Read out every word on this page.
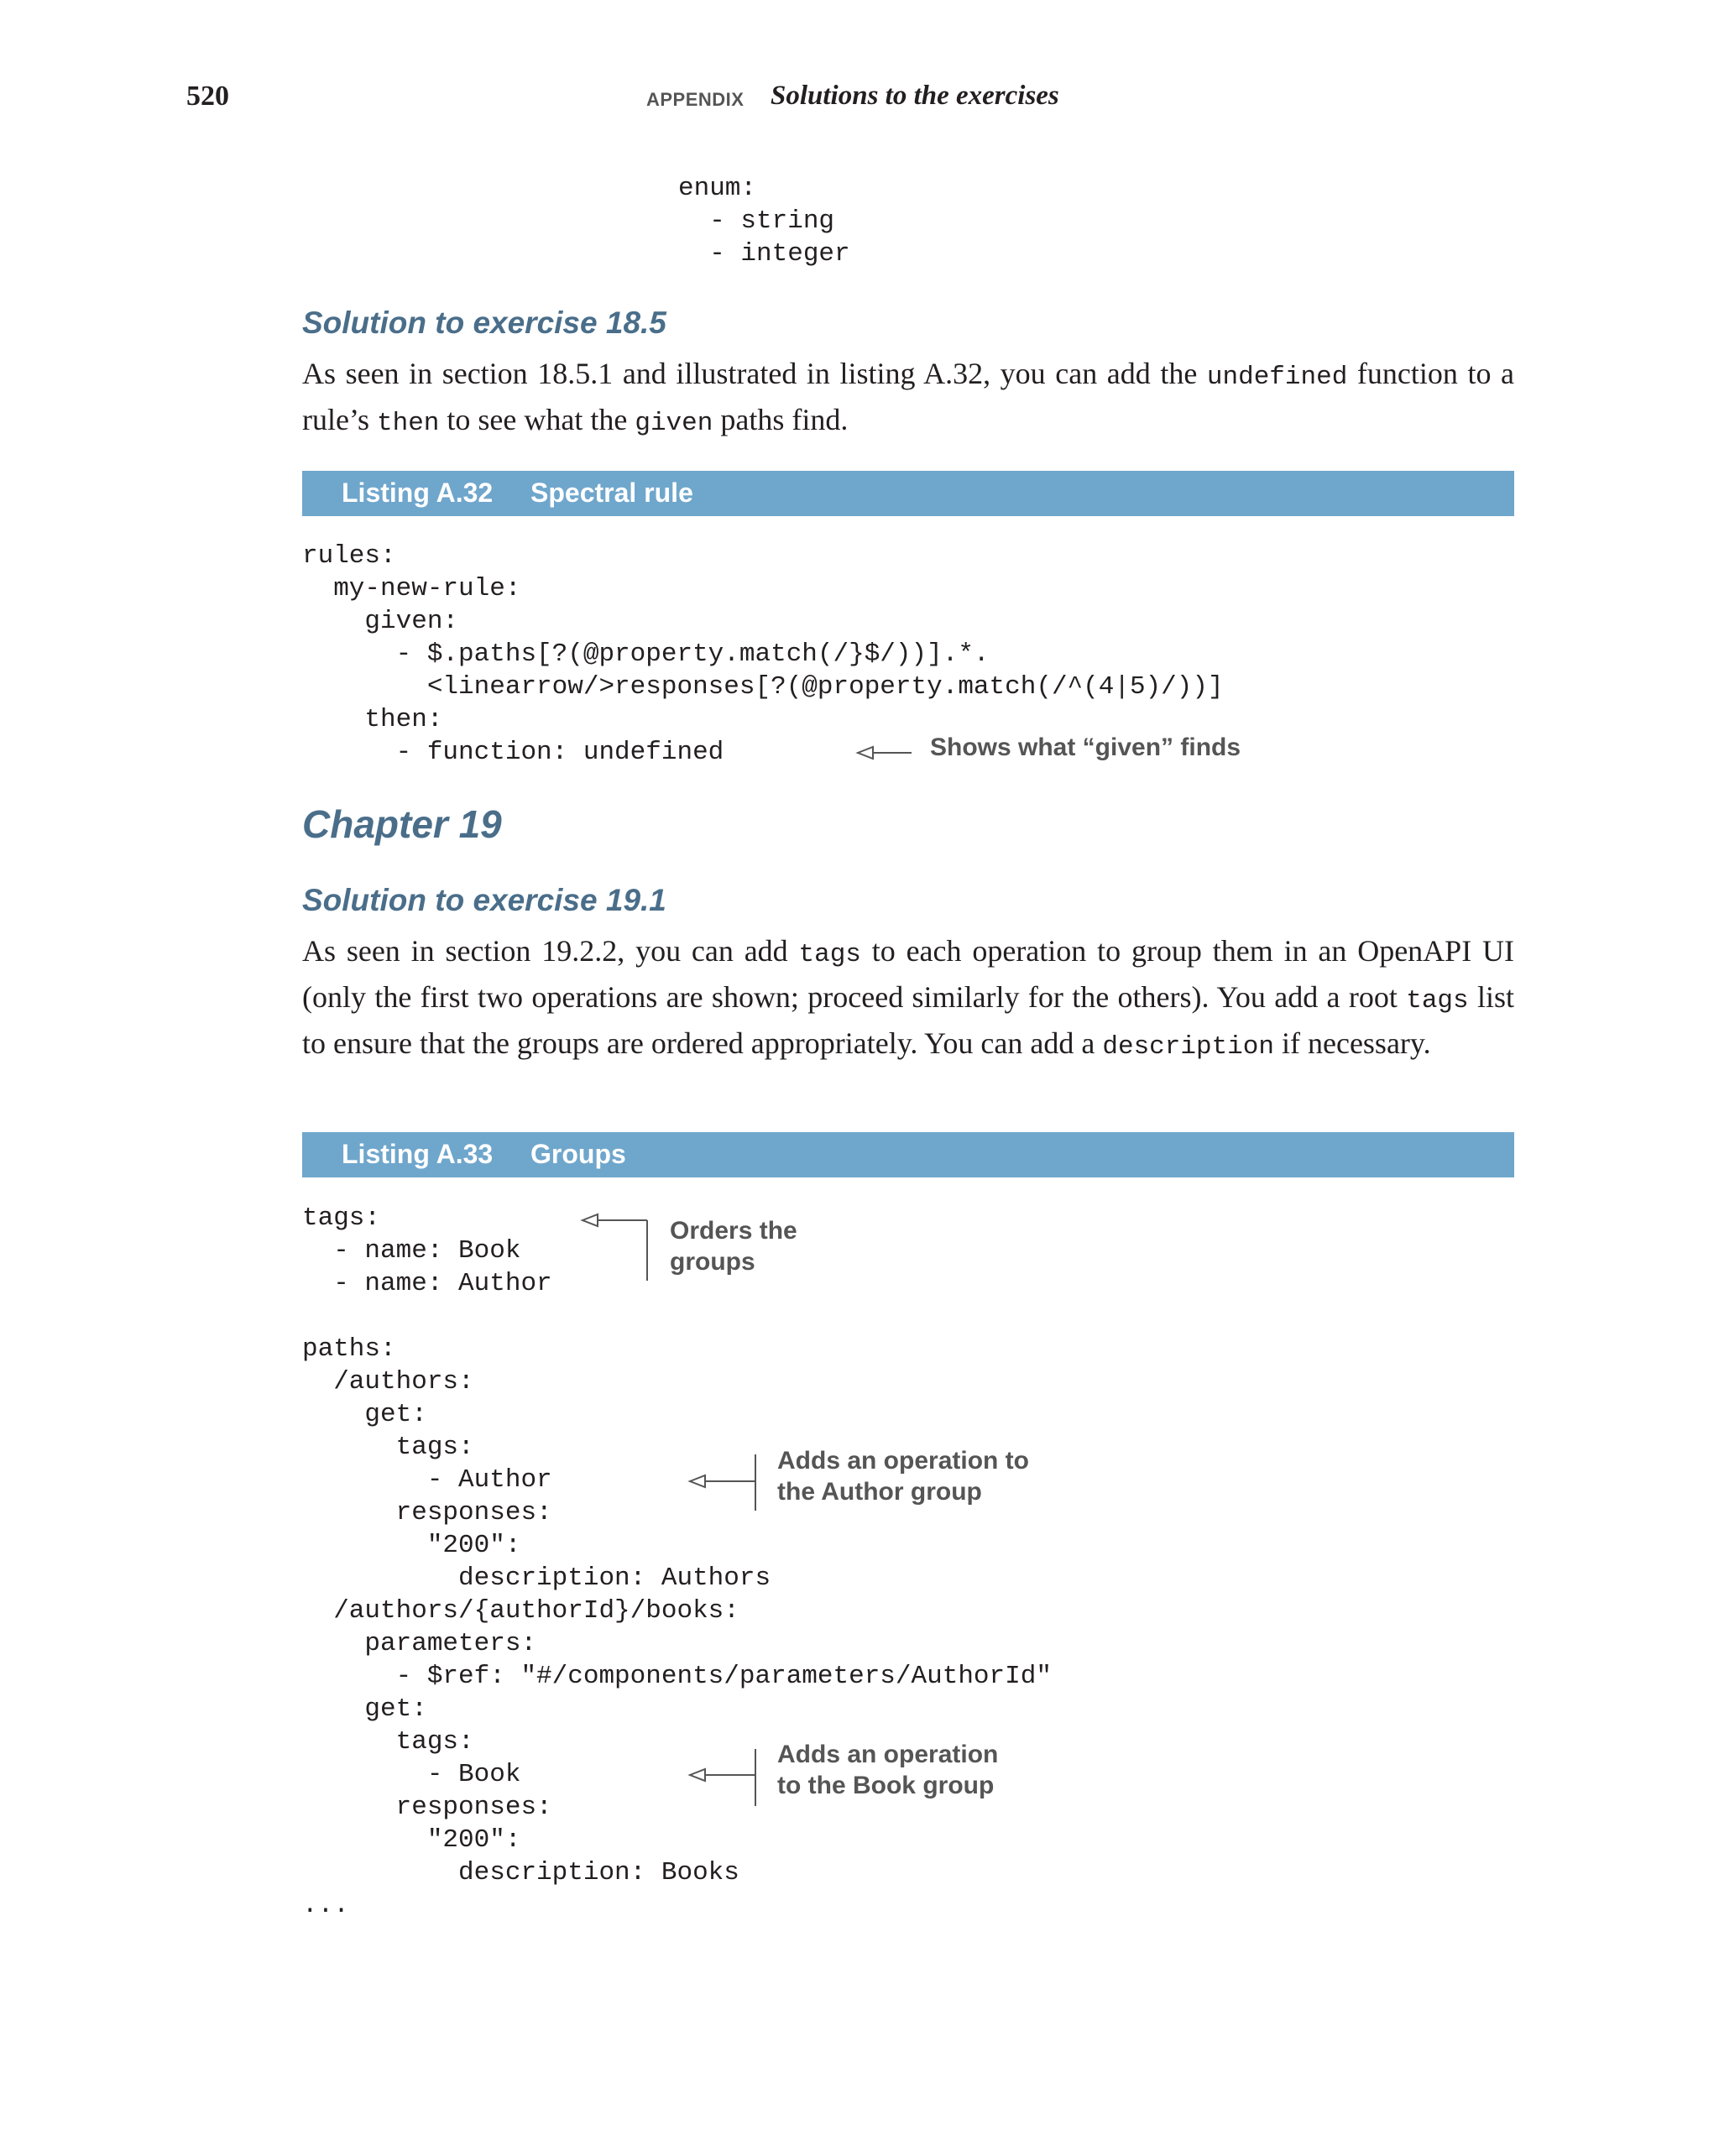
520	APPENDIX Solutions to the exercises
enum:
- string
- integer
Solution to exercise 18.5

As seen in section 18.5.1 and illustrated in listing A.32, you can add the undefined function to a rule’s then to see what the given paths find.

Listing A.32 Spectral rule
rules:
my-new-rule:
given:
- $.paths[?(@property.match(/}$/))].*.
<linearrow/>responses[?(@property.match(/^(4|5)/))]
then:
- function: undefined	Shows what “given” finds
Chapter 19
Solution to exercise 19.1

As seen in section 19.2.2, you can add tags to each operation to group them in an OpenAPI UI (only the first two operations are shown; proceed similarly for the others). You add a root tags list to ensure that the groups are ordered appropriately. You can add a description if necessary.

Listing A.33 Groups
tags:
- name: Book
- name: Author

paths:
/authors:
get:
tags:
- Author
responses:
"200":
description: Authors
/authors/{authorId}/books:
parameters:
- $ref: "#/components/parameters/AuthorId"
get:
tags:
- Book
responses:
"200":
description: Books
...
Orders the
groups
Adds an operation to
the Author group
Adds an operation
to the Book group
